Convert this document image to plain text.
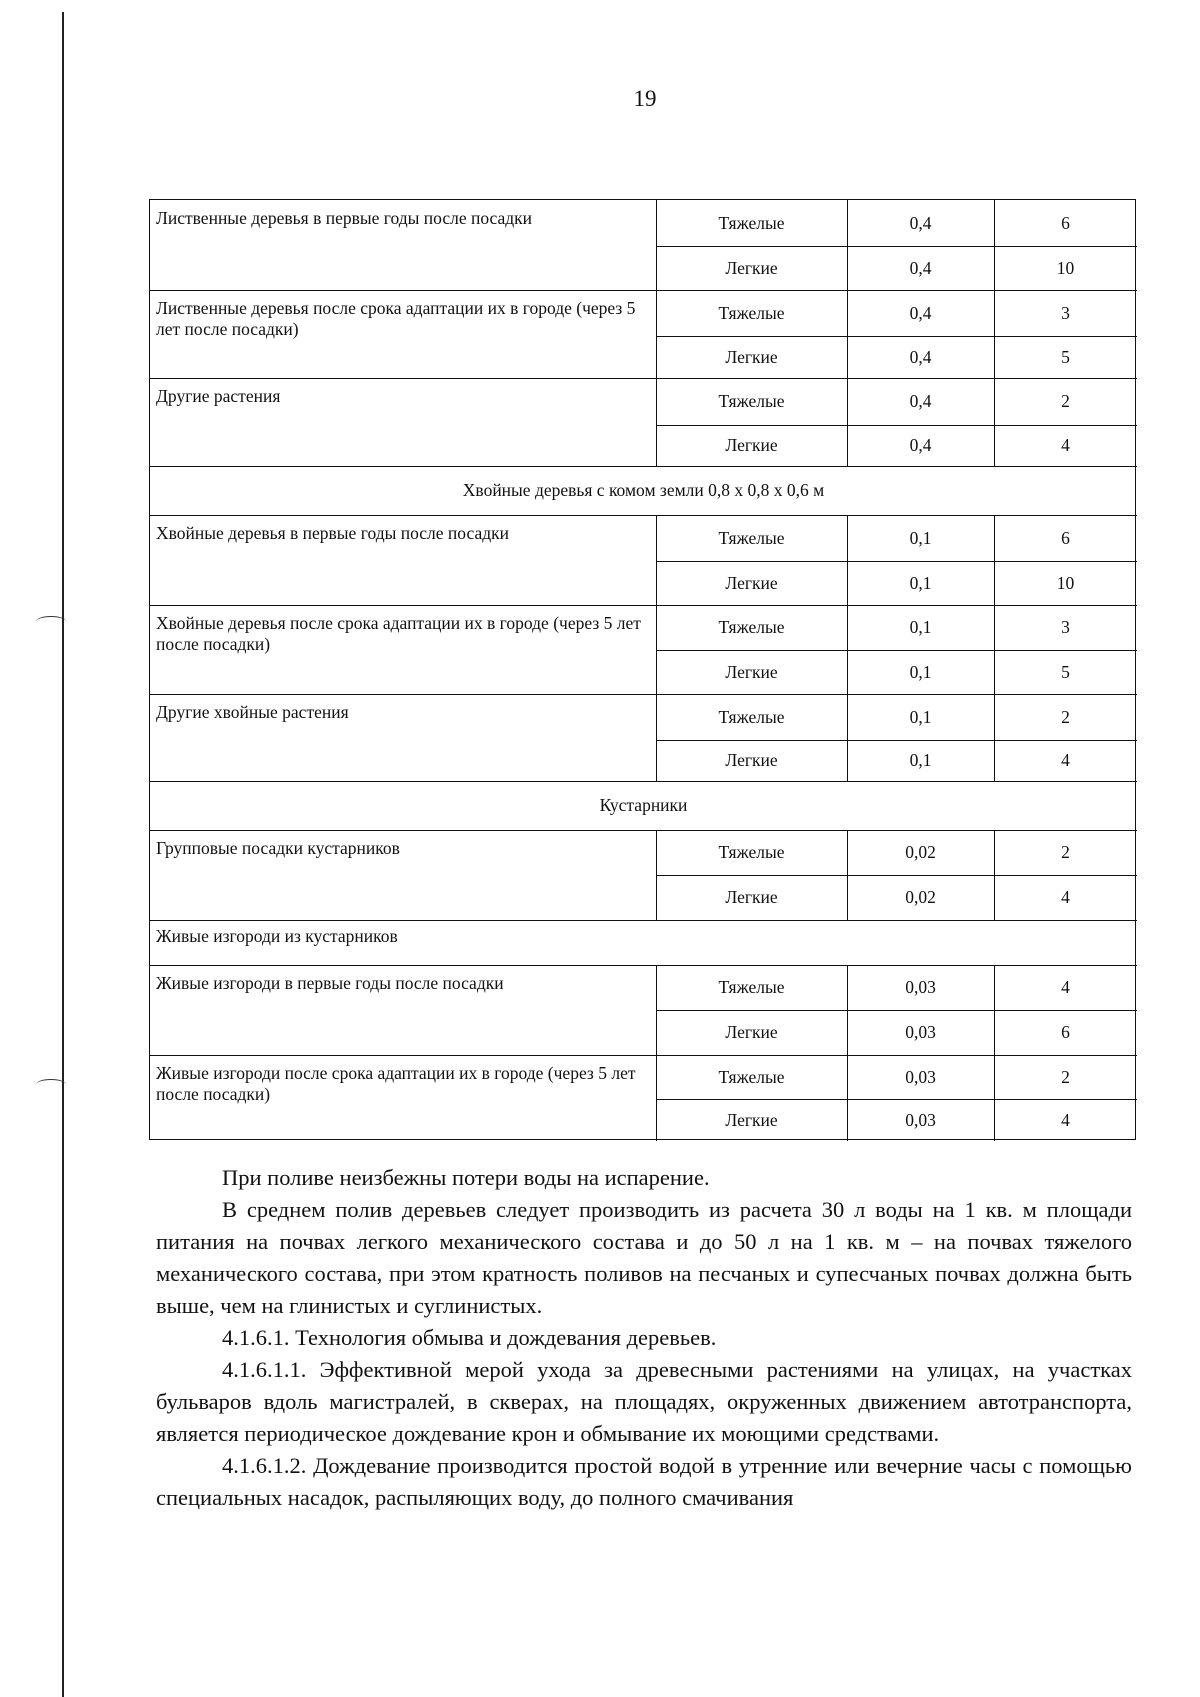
19
Лиственные деревья в первые годы после посадки	Тяжелые	0,4	6
Легкие	0,4	10
Лиственные деревья после срока адаптации их в городе (через 5 лет после посадки)
Тяжелые	0,4	3
Легкие	0,4	5
Другие растения	Тяжелые	0,4	2
Легкие	0,4	4
Хвойные деревья с комом земли 0,8 х 0,8 х 0,6 м
Хвойные деревья в первые годы после посадки	Тяжелые	0,1	6
Легкие	0,1	10
Хвойные деревья после срока адаптации их в городе (через 5 лет после посадки)
Тяжелые	0,1	3
Легкие	0,1	5
Другие хвойные растения	Тяжелые	0,1	2
Легкие	0,1	4
Кустарники
Групповые посадки кустарников	Тяжелые	0,02	2
Легкие	0,02	4
Живые изгороди из кустарников
Живые изгороди в первые годы после посадки	Тяжелые	0,03	4
Легкие	0,03	6
Живые изгороди после срока адаптации их в городе (через 5 лет после посадки)
Тяжелые	0,03	2
Легкие	0,03	4

При поливе неизбежны потери воды на испарение.

В среднем полив деревьев следует производить из расчета 30 л воды на 1 кв. м площади питания на почвах легкого механического состава и до 50 л на 1 кв. м – на почвах тяжелого механического состава, при этом кратность поливов на песчаных и супесчаных почвах должна быть выше, чем на глинистых и суглинистых.

4.1.6.1. Технология обмыва и дождевания деревьев.

4.1.6.1.1. Эффективной мерой ухода за древесными растениями на улицах, на участках бульваров вдоль магистралей, в скверах, на площадях, окруженных движением автотранспорта, является периодическое дождевание крон и обмывание их моющими средствами.

4.1.6.1.2. Дождевание производится простой водой в утренние или вечерние часы с помощью специальных насадок, распыляющих воду, до полного смачивания
